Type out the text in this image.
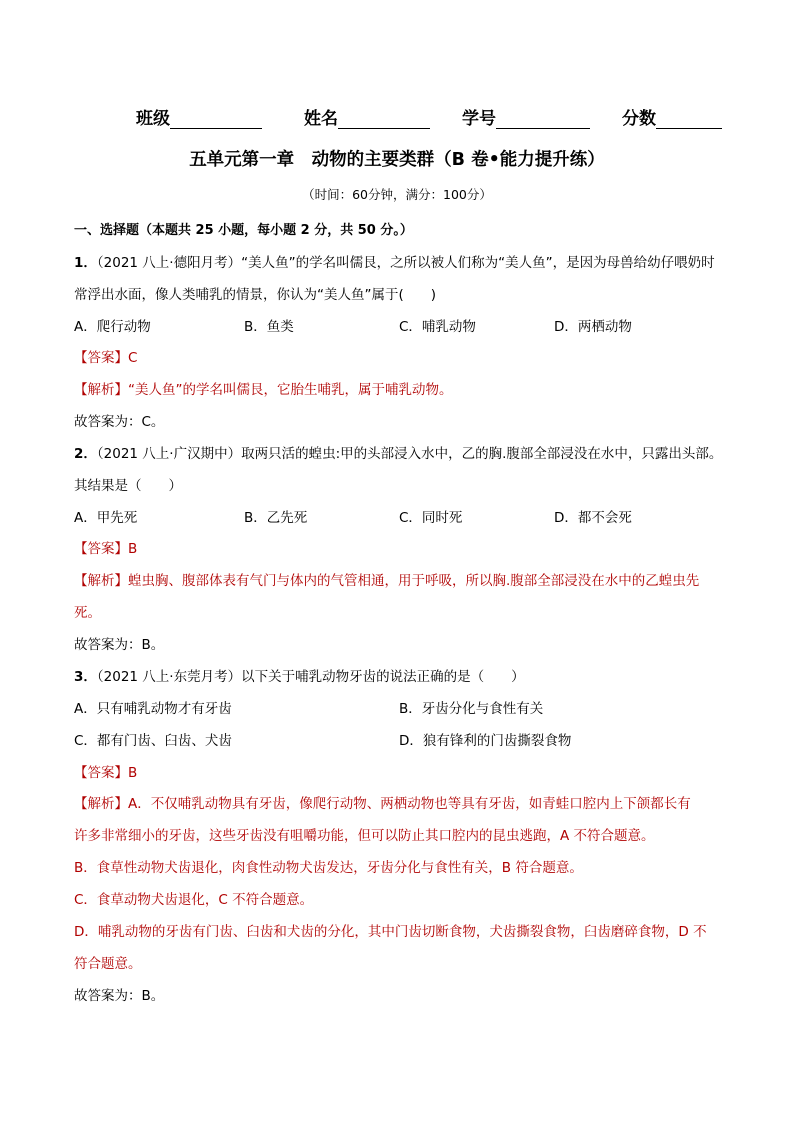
班级	姓名	学号	分数
五单元第一章　动物的主要类群（B 卷•能力提升练）
（时间：60分钟，满分：100分）
一、选择题（本题共 25 小题，每小题 2 分，共 50 分。）
1．（2021 八上·德阳月考）“美人鱼”的学名叫儒艮，之所以被人们称为“美人鱼”，是因为母兽给幼仔喂奶时
常浮出水面，像人类哺乳的情景，你认为“美人鱼”属于(　　)
A．爬行动物	B．鱼类	C．哺乳动物	D．两栖动物
【答案】C
【解析】“美人鱼”的学名叫儒艮，它胎生哺乳，属于哺乳动物。
故答案为：C。
2．（2021 八上·广汉期中）取两只活的蝗虫:甲的头部浸入水中，乙的胸.腹部全部浸没在水中，只露出头部。
其结果是（　　）
A．甲先死	B．乙先死	C．同时死	D．都不会死
【答案】B
【解析】蝗虫胸、腹部体表有气门与体内的气管相通，用于呼吸，所以胸.腹部全部浸没在水中的乙蝗虫先
死。
故答案为：B。
3．（2021 八上·东莞月考）以下关于哺乳动物牙齿的说法正确的是（　　）
A．只有哺乳动物才有牙齿	B．牙齿分化与食性有关
C．都有门齿、臼齿、犬齿	D．狼有锋利的门齿撕裂食物
【答案】B
【解析】A．不仅哺乳动物具有牙齿，像爬行动物、两栖动物也等具有牙齿，如青蛙口腔内上下颌都长有
许多非常细小的牙齿，这些牙齿没有咀嚼功能，但可以防止其口腔内的昆虫逃跑，A 不符合题意。
B．食草性动物犬齿退化，肉食性动物犬齿发达，牙齿分化与食性有关，B 符合题意。
C．食草动物犬齿退化，C 不符合题意。
D．哺乳动物的牙齿有门齿、臼齿和犬齿的分化，其中门齿切断食物，犬齿撕裂食物，臼齿磨碎食物，D 不
符合题意。
故答案为：B。
